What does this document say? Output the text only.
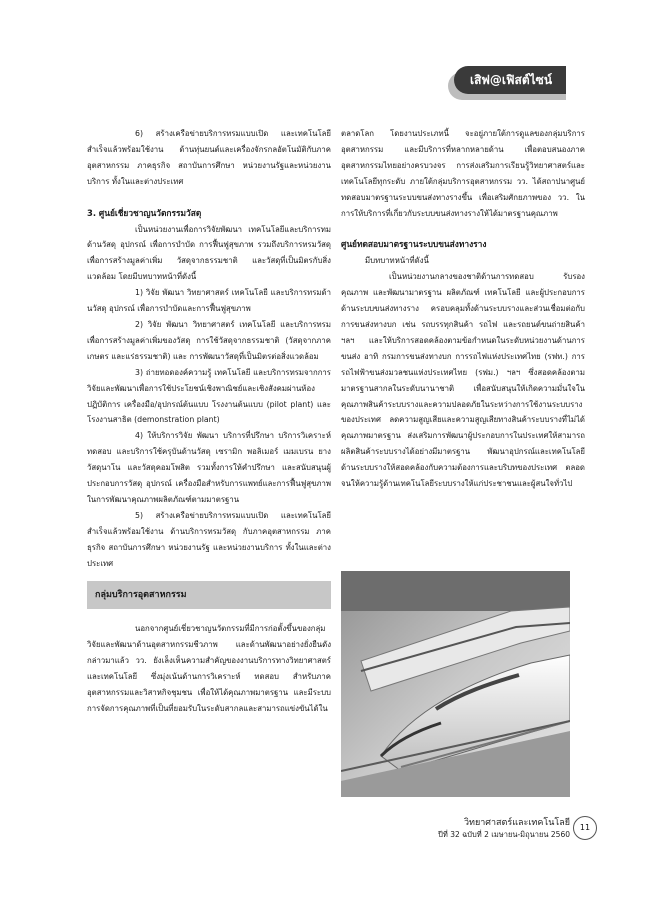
เสิฟ@เฟิสต์ไซน์

6) สร้างเครือข่ายบริการทรมแบบเปิด และเทคโนโลยีสำเร็จแล้วพร้อมใช้งาน ด้านทุ่นยนต์และเครื่องจักรกลอัตโนมัติกับภาคอุตสาหกรรม ภาคธุรกิจ สถาบันการศึกษา หน่วยงานรัฐและหน่วยงานบริการ ทั้งในและต่างประเทศ

3. ศูนย์เชี่ยวชาญนวัตกรรมวัสดุ

เป็นหน่วยงานเพื่อการวิจัยพัฒนา เทคโนโลยีและบริการทม ด้านวัสดุ อุปกรณ์ เพื่อการบำบัด การฟื้นฟูสุขภาพ รวมถึงบริการทรมวัสดุเพื่อการสร้างมูลค่าเพิ่ม วัสดุจากธรรมชาติ และวัสดุที่เป็นมิตรกับสิ่งแวดล้อม โดยมีบทบาทหน้าที่ดังนี้

1) วิจัย พัฒนา วิทยาศาสตร์ เทคโนโลยี และบริการทรมด้านวัสดุ อุปกรณ์ เพื่อการบำบัดและการฟื้นฟูสุขภาพ

2) วิจัย พัฒนา วิทยาศาสตร์ เทคโนโลยี และบริการทรมเพื่อการสร้างมูลค่าเพิ่มของวัสดุ การใช้วัสดุจากธรรมชาติ (วัสดุจากภาคเกษตร และแร่ธรรมชาติ) และ การพัฒนาวัสดุที่เป็นมิตรต่อสิ่งแวดล้อม

3) ถ่ายทอดองค์ความรู้ เทคโนโลยี และบริการทรมจากการวิจัยและพัฒนาเพื่อการใช้ประโยชน์เชิงพาณิชย์และเชิงสังคมผ่านห้องปฏิบัติการ เครื่องมือ/อุปกรณ์ต้นแบบ โรงงานต้นแบบ (pilot plant) และโรงงานสาธิต (demonstration plant)

4) ให้บริการวิจัย พัฒนา บริการที่ปรึกษา บริการวิเคราะห์ทดสอบ และบริการใช้ครุบันด้านวัสดุ เซรามิก พอลิเมอร์ เมมเบรน ยาง วัสดุนาโน และวัสดุคอมโพสิต รวมทั้งการให้คำปรึกษา และสนับสนุนผู้ประกอบการวัสดุ อุปกรณ์ เครื่องมือสำหรับการแพทย์และการฟื้นฟูสุขภาพในการพัฒนาคุณภาพผลิตภัณฑ์ตามมาตรฐาน

5) สร้างเครือข่ายบริการทรมแบบเปิด และเทคโนโลยีสำเร็จแล้วพร้อมใช้งาน ด้านบริการทรมวัสดุ กับภาคอุตสาหกรรม ภาคธุรกิจ สถาบันการศึกษา หน่วยงานรัฐ และหน่วยงานบริการ ทั้งในและต่างประเทศ

กลุ่มบริการอุตสาหกรรม

นอกจากศูนย์เชี่ยวชาญนวัตกรรมที่มีการก่อตั้งขึ้นของกลุ่มวิจัยและพัฒนาด้านอุตสาหกรรมชีวภาพ และด้านพัฒนาอย่างยั่งยืนดังกล่าวมาแล้ว วว. ยังเล็งเห็นความสำคัญของงานบริการทางวิทยาศาสตร์และเทคโนโลยี ซึ่งมุ่งเน้นด้านการวิเคราะห์ ทดสอบ สำหรับภาคอุตสาหกรรมและวิสาหกิจชุมชน เพื่อให้ได้คุณภาพมาตรฐาน และมีระบบการจัดการคุณภาพที่เป็นที่ยอมรับในระดับสากลและสามารถแข่งขันได้ใน

ตลาดโลก โดยงานประเภทนี้ จะอยู่ภายใต้การดูแลของกลุ่มบริการอุตสาหกรรม และมีบริการที่หลากหลายด้าน เพื่อตอบสนองภาคอุตสาหกรรมไทยอย่างครบวงจร การส่งเสริมการเรียนรู้วิทยาศาสตร์และเทคโนโลยีทุกระดับ ภายใต้กลุ่มบริการอุตสาหกรรม วว. ได้สถาปนาศูนย์ทดสอบมาตรฐานระบบขนส่งทางรางขึ้น เพื่อเสริมศักยภาพของ วว. ในการให้บริการที่เกี่ยวกับระบบขนส่งทางรางให้ได้มาตรฐานคุณภาพ

ศูนย์ทดสอบมาตรฐานระบบขนส่งทางราง

มีบทบาทหน้าที่ดังนี้

เป็นหน่วยงานกลางของชาติด้านการทดสอบ รับรองคุณภาพ และพัฒนามาตรฐาน ผลิตภัณฑ์ เทคโนโลยี และผู้ประกอบการด้านระบบขนส่งทางราง ครอบคลุมทั้งด้านระบบรางและส่วนเชื่อมต่อกับการขนส่งทางบก เช่น รถบรรทุกสินค้า รถไฟ และรถยนต์ขนถ่ายสินค้า ฯลฯ และให้บริการสอดคล้องตามข้อกำหนดในระดับหน่วยงานด้านการขนส่ง อาทิ กรมการขนส่งทางบก การรถไฟแห่งประเทศไทย (รฟท.) การรถไฟฟ้าขนส่งมวลชนแห่งประเทศไทย (รฟม.) ฯลฯ ซึ่งสอดคล้องตามมาตรฐานสากลในระดับนานาชาติ เพื่อสนับสนุนให้เกิดความมั่นใจในคุณภาพสินค้าระบบรางและความปลอดภัยในระหว่างการใช้งานระบบรางของประเทศ ลดความสูญเสียและความสูญเสียทางสินค้าระบบรางที่ไม่ได้คุณภาพมาตรฐาน ส่งเสริมการพัฒนาผู้ประกอบการในประเทศให้สามารถผลิตสินค้าระบบรางได้อย่างมีมาตรฐาน พัฒนาอุปกรณ์และเทคโนโลยีด้านระบบรางให้สอดคล้องกับความต้องการและบริบทของประเทศ ตลอดจนให้ความรู้ด้านเทคโนโลยีระบบรางให้แก่ประชาชนและผู้สนใจทั่วไป

วิทยาศาสตร์และเทคโนโลยี
ปีที่ 32 ฉบับที่ 2 เมษายน-มิถุนายน 2560
11
